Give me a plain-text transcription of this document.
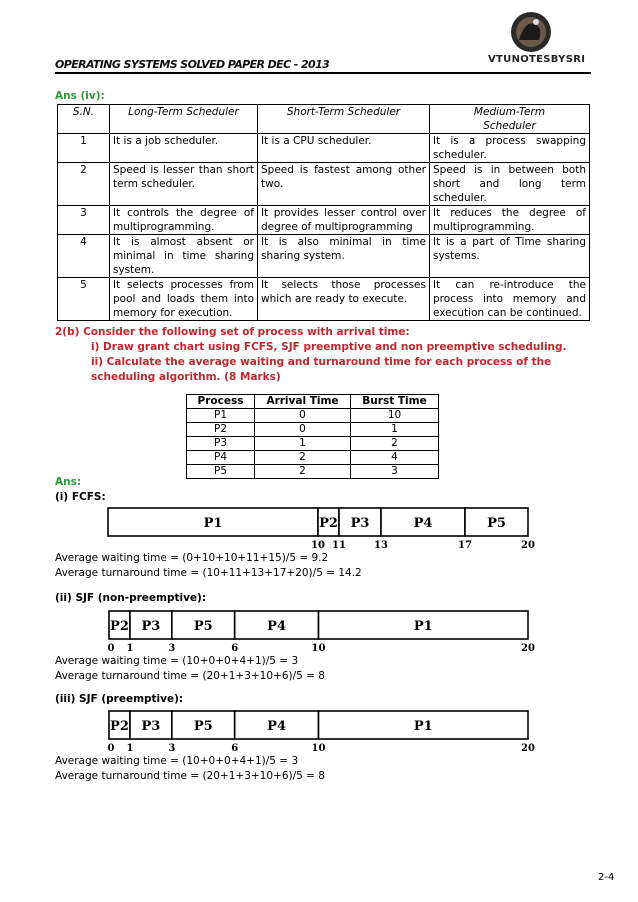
VTUNOTESBYSRI
OPERATING SYSTEMS SOLVED PAPER DEC - 2013
Ans (iv):
S.N.	Long-Term Scheduler	Short-Term Scheduler	Medium-Term Scheduler
1	It is a job scheduler.	It is a CPU scheduler.	It is a process swapping scheduler.
2	Speed is lesser than short term scheduler.	Speed is fastest among other two.	Speed is in between both short and long term scheduler.
3	It controls the degree of multiprogramming.	It provides lesser control over degree of multiprogramming	It reduces the degree of multiprogramming.
4	It is almost absent or minimal in time sharing system.	It is also minimal in time sharing system.	It is a part of Time sharing systems.
5	It selects processes from pool and loads them into memory for execution.	It selects those processes which are ready to execute.	It can re-introduce the process into memory and execution can be continued.
2(b) Consider the following set of process with arrival time:
i) Draw grant chart using FCFS, SJF preemptive and non preemptive scheduling.
ii) Calculate the average waiting and turnaround time for each process of the
scheduling algorithm. (8 Marks)
Process	Arrival Time	Burst Time
P1	0	10
P2	0	1
P3	1	2
P4	2	4
P5	2	3
Ans:
(i) FCFS:
P1	P2 P3	P4	P5
10 11	13	17	20
Average waiting time = (0+10+10+11+15)/5 = 9.2
Average turnaround time = (10+11+13+17+20)/5 = 14.2
(ii) SJF (non-preemptive):
P2 P3	P5	P4	P1
0 1	3	6	10	20
Average waiting time = (10+0+0+4+1)/5 = 3
Average turnaround time = (20+1+3+10+6)/5 = 8
(iii) SJF (preemptive):
P2 P3	P5	P4	P1
0 1	3	6	10	20
Average waiting time = (10+0+0+4+1)/5 = 3
Average turnaround time = (20+1+3+10+6)/5 = 8
2-4
